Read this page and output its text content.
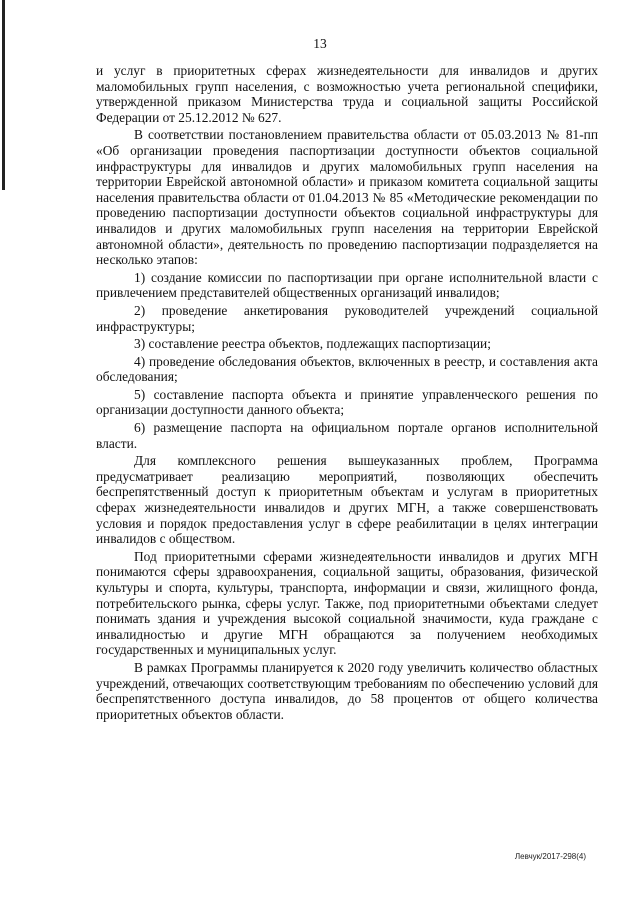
13

и услуг в приоритетных сферах жизнедеятельности для инвалидов и других маломобильных групп населения, с возможностью учета региональной специфики, утвержденной приказом Министерства труда и социальной защиты Российской Федерации от 25.12.2012 № 627.

В соответствии постановлением правительства области от 05.03.2013 № 81-пп «Об организации проведения паспортизации доступности объектов социальной инфраструктуры для инвалидов и других маломобильных групп населения на территории Еврейской автономной области» и приказом комитета социальной защиты населения правительства области от 01.04.2013 № 85 «Методические рекомендации по проведению паспортизации доступности объектов социальной инфраструктуры для инвалидов и других маломобильных групп населения на территории Еврейской автономной области», деятельность по проведению паспортизации подразделяется на несколько этапов:

1) создание комиссии по паспортизации при органе исполнительной власти с привлечением представителей общественных организаций инвалидов;

2) проведение анкетирования руководителей учреждений социальной инфраструктуры;

3) составление реестра объектов, подлежащих паспортизации;

4) проведение обследования объектов, включенных в реестр, и составления акта обследования;

5) составление паспорта объекта и принятие управленческого решения по организации доступности данного объекта;

6) размещение паспорта на официальном портале органов исполнительной власти.

Для комплексного решения вышеуказанных проблем, Программа предусматривает реализацию мероприятий, позволяющих обеспечить беспрепятственный доступ к приоритетным объектам и услугам в приоритетных сферах жизнедеятельности инвалидов и других МГН, а также совершенствовать условия и порядок предоставления услуг в сфере реабилитации в целях интеграции инвалидов с обществом.

Под приоритетными сферами жизнедеятельности инвалидов и других МГН понимаются сферы здравоохранения, социальной защиты, образования, физической культуры и спорта, культуры, транспорта, информации и связи, жилищного фонда, потребительского рынка, сферы услуг. Также, под приоритетными объектами следует понимать здания и учреждения высокой социальной значимости, куда граждане с инвалидностью и другие МГН обращаются за получением необходимых государственных и муниципальных услуг.

В рамках Программы планируется к 2020 году увеличить количество областных учреждений, отвечающих соответствующим требованиям по обеспечению условий для беспрепятственного доступа инвалидов, до 58 процентов от общего количества приоритетных объектов области.

Левчук/2017-298(4)
